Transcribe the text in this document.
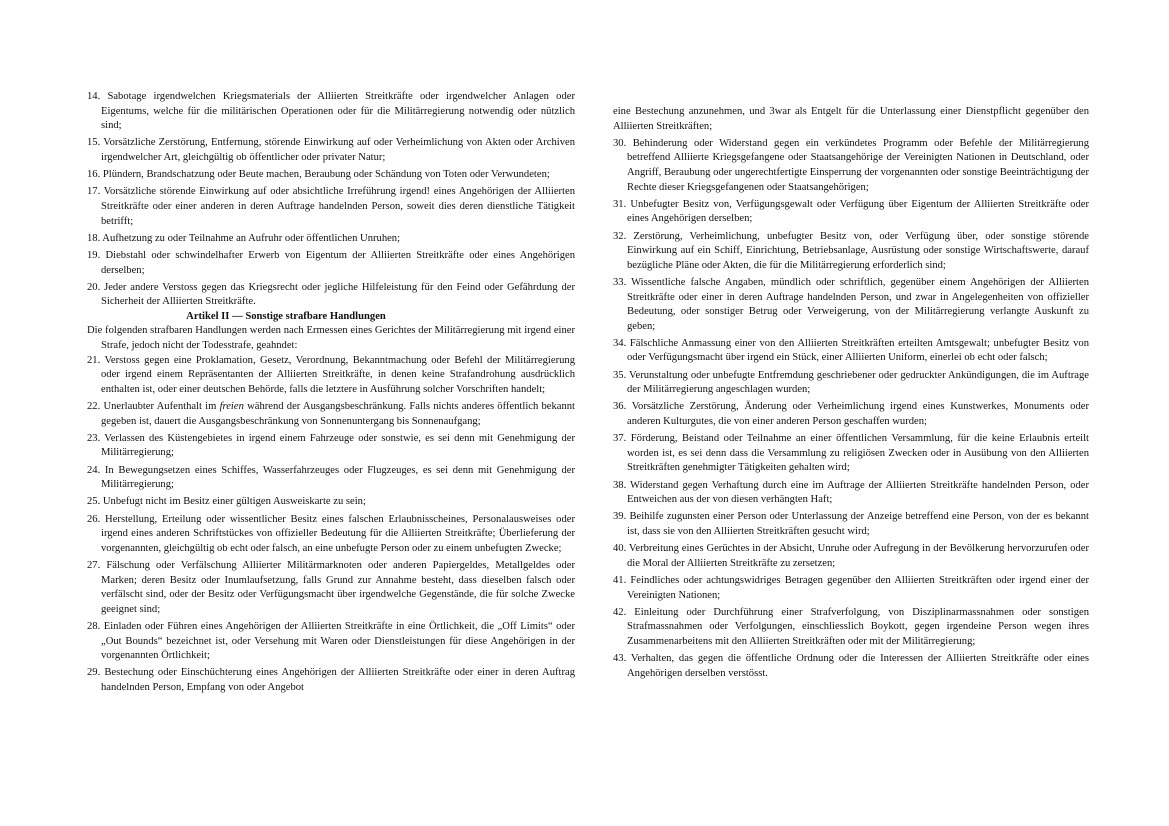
14. Sabotage irgendwelchen Kriegsmaterials der Alliierten Streitkräfte oder irgendwelcher Anlagen oder Eigentums, welche für die militärischen Operationen oder für die Militärregierung notwendig oder nützlich sind;

15. Vorsätzliche Zerstörung, Entfernung, störende Einwirkung auf oder Verheimlichung von Akten oder Archiven irgendwelcher Art, gleichgültig ob öffentlicher oder privater Natur;

16. Plündern, Brandschatzung oder Beute machen, Beraubung oder Schändung von Toten oder Verwundeten;

17. Vorsätzliche störende Einwirkung auf oder absichtliche Irreführung irgend! eines Angehörigen der Alliierten Streitkräfte oder einer anderen in deren Auftrage handelnden Person, soweit dies deren dienstliche Tätigkeit betrifft;

18. Aufhetzung zu oder Teilnahme an Aufruhr oder öffentlichen Unruhen;

19. Diebstahl oder schwindelhafter Erwerb von Eigentum der Alliierten Streitkräfte oder eines Angehörigen derselben;

20. Jeder andere Verstoss gegen das Kriegsrecht oder jegliche Hilfeleistung für den Feind oder Gefährdung der Sicherheit der Alliierten Streitkräfte.

Artikel II — Sonstige strafbare Handlungen

Die folgenden strafbaren Handlungen werden nach Ermessen eines Gerichtes der Militärregierung mit irgend einer Strafe, jedoch nicht der Todesstrafe, geahndet:

21. Verstoss gegen eine Proklamation, Gesetz, Verordnung, Bekanntmachung oder Befehl der Militärregierung oder irgend einem Repräsentanten der Alliierten Streitkräfte, in denen keine Strafandrohung ausdrücklich enthalten ist, oder einer deutschen Behörde, falls die letztere in Ausführung solcher Vorschriften handelt;

22. Unerlaubter Aufenthalt im freien während der Ausgangsbeschränkung. Falls nichts anderes öffentlich bekannt gegeben ist, dauert die Ausgangsbeschränkung von Sonnenuntergang bis Sonnenaufgang;

23. Verlassen des Küstengebietes in irgend einem Fahrzeuge oder sonstwie, es sei denn mit Genehmigung der Militärregierung;

24. In Bewegungsetzen eines Schiffes, Wasserfahrzeuges oder Flugzeuges, es sei denn mit Genehmigung der Militärregierung;

25. Unbefugt nicht im Besitz einer gültigen Ausweiskarte zu sein;

26. Herstellung, Erteilung oder wissentlicher Besitz eines falschen Erlaubnisscheines, Personalausweises oder irgend eines anderen Schriftstückes von offizieller Bedeutung für die Alliierten Streitkräfte; Überlieferung der vorgenannten, gleichgültig ob echt oder falsch, an eine unbefugte Person oder zu einem unbefugten Zwecke;

27. Fälschung oder Verfälschung Alliierter Militärmarknoten oder anderen Papiergeldes, Metallgeldes oder Marken; deren Besitz oder Inumlaufsetzung, falls Grund zur Annahme besteht, dass dieselben falsch oder verfälscht sind, oder der Besitz oder Verfügungsmacht über irgendwelche Gegenstände, die für solche Zwecke geeignet sind;

28. Einladen oder Führen eines Angehörigen der Alliierten Streitkräfte in eine Örtlichkeit, die „Off Limits“ oder „Out Bounds“ bezeichnet ist, oder Versehung mit Waren oder Dienstleistungen für diese Angehörigen in der vorgenannten Örtlichkeit;

29. Bestechung oder Einschüchterung eines Angehörigen der Alliierten Streitkräfte oder einer in deren Auftrag handelnden Person, Empfang von oder Angebot

eine Bestechung anzunehmen, und 3war als Entgelt für die Unterlassung einer Dienstpflicht gegenüber den Alliierten Streitkräften;

30. Behinderung oder Widerstand gegen ein verkündetes Programm oder Befehle der Militärregierung betreffend Alliierte Kriegsgefangene oder Staatsangehörige der Vereinigten Nationen in Deutschland, oder Angriff, Beraubung oder ungerechtfertigte Einsperrung der vorgenannten oder sonstige Beeinträchtigung der Rechte dieser Kriegsgefangenen oder Staatsangehörigen;

31. Unbefugter Besitz von, Verfügungsgewalt oder Verfügung über Eigentum der Alliierten Streitkräfte oder eines Angehörigen derselben;

32. Zerstörung, Verheimlichung, unbefugter Besitz von, oder Verfügung über, oder sonstige störende Einwirkung auf ein Schiff, Einrichtung, Betriebsanlage, Ausrüstung oder sonstige Wirtschaftswerte, darauf bezügliche Pläne oder Akten, die für die Militärregierung erforderlich sind;

33. Wissentliche falsche Angaben, mündlich oder schriftlich, gegenüber einem Angehörigen der Alliierten Streitkräfte oder einer in deren Auftrage handelnden Person, und zwar in Angelegenheiten von offizieller Bedeutung, oder sonstiger Betrug oder Verweigerung, von der Militärregierung verlangte Auskunft zu geben;

34. Fälschliche Anmassung einer von den Alliierten Streitkräften erteilten Amtsgewalt; unbefugter Besitz von oder Verfügungsmacht über irgend ein Stück, einer Alliierten Uniform, einerlei ob echt oder falsch;

35. Verunstaltung oder unbefugte Entfremdung geschriebener oder gedruckter Ankündigungen, die im Auftrage der Militärregierung angeschlagen wurden;

36. Vorsätzliche Zerstörung, Änderung oder Verheimlichung irgend eines Kunstwerkes, Monuments oder anderen Kulturgutes, die von einer anderen Person geschaffen wurden;

37. Förderung, Beistand oder Teilnahme an einer öffentlichen Versammlung, für die keine Erlaubnis erteilt worden ist, es sei denn dass die Versammlung zu religiösen Zwecken oder in Ausübung von den Alliierten Streitkräften genehmigter Tätigkeiten gehalten wird;

38. Widerstand gegen Verhaftung durch eine im Auftrage der Alliierten Streitkräfte handelnden Person, oder Entweichen aus der von diesen verhängten Haft;

39. Beihilfe zugunsten einer Person oder Unterlassung der Anzeige betreffend eine Person, von der es bekannt ist, dass sie von den Alliierten Streitkräften gesucht wird;

40. Verbreitung eines Gerüchtes in der Absicht, Unruhe oder Aufregung in der Bevölkerung hervorzurufen oder die Moral der Alliierten Streitkräfte zu zersetzen;

41. Feindliches oder achtungswidriges Betragen gegenüber den Alliierten Streitkräften oder irgend einer der Vereinigten Nationen;

42. Einleitung oder Durchführung einer Strafverfolgung, von Disziplinarmassnahmen oder sonstigen Strafmassnahmen oder Verfolgungen, einschliesslich Boykott, gegen irgendeine Person wegen ihres Zusammenarbeitens mit den Alliierten Streitkräften oder mit der Militärregierung;

43. Verhalten, das gegen die öffentliche Ordnung oder die Interessen der Alliierten Streitkräfte oder eines Angehörigen derselben verstösst.
